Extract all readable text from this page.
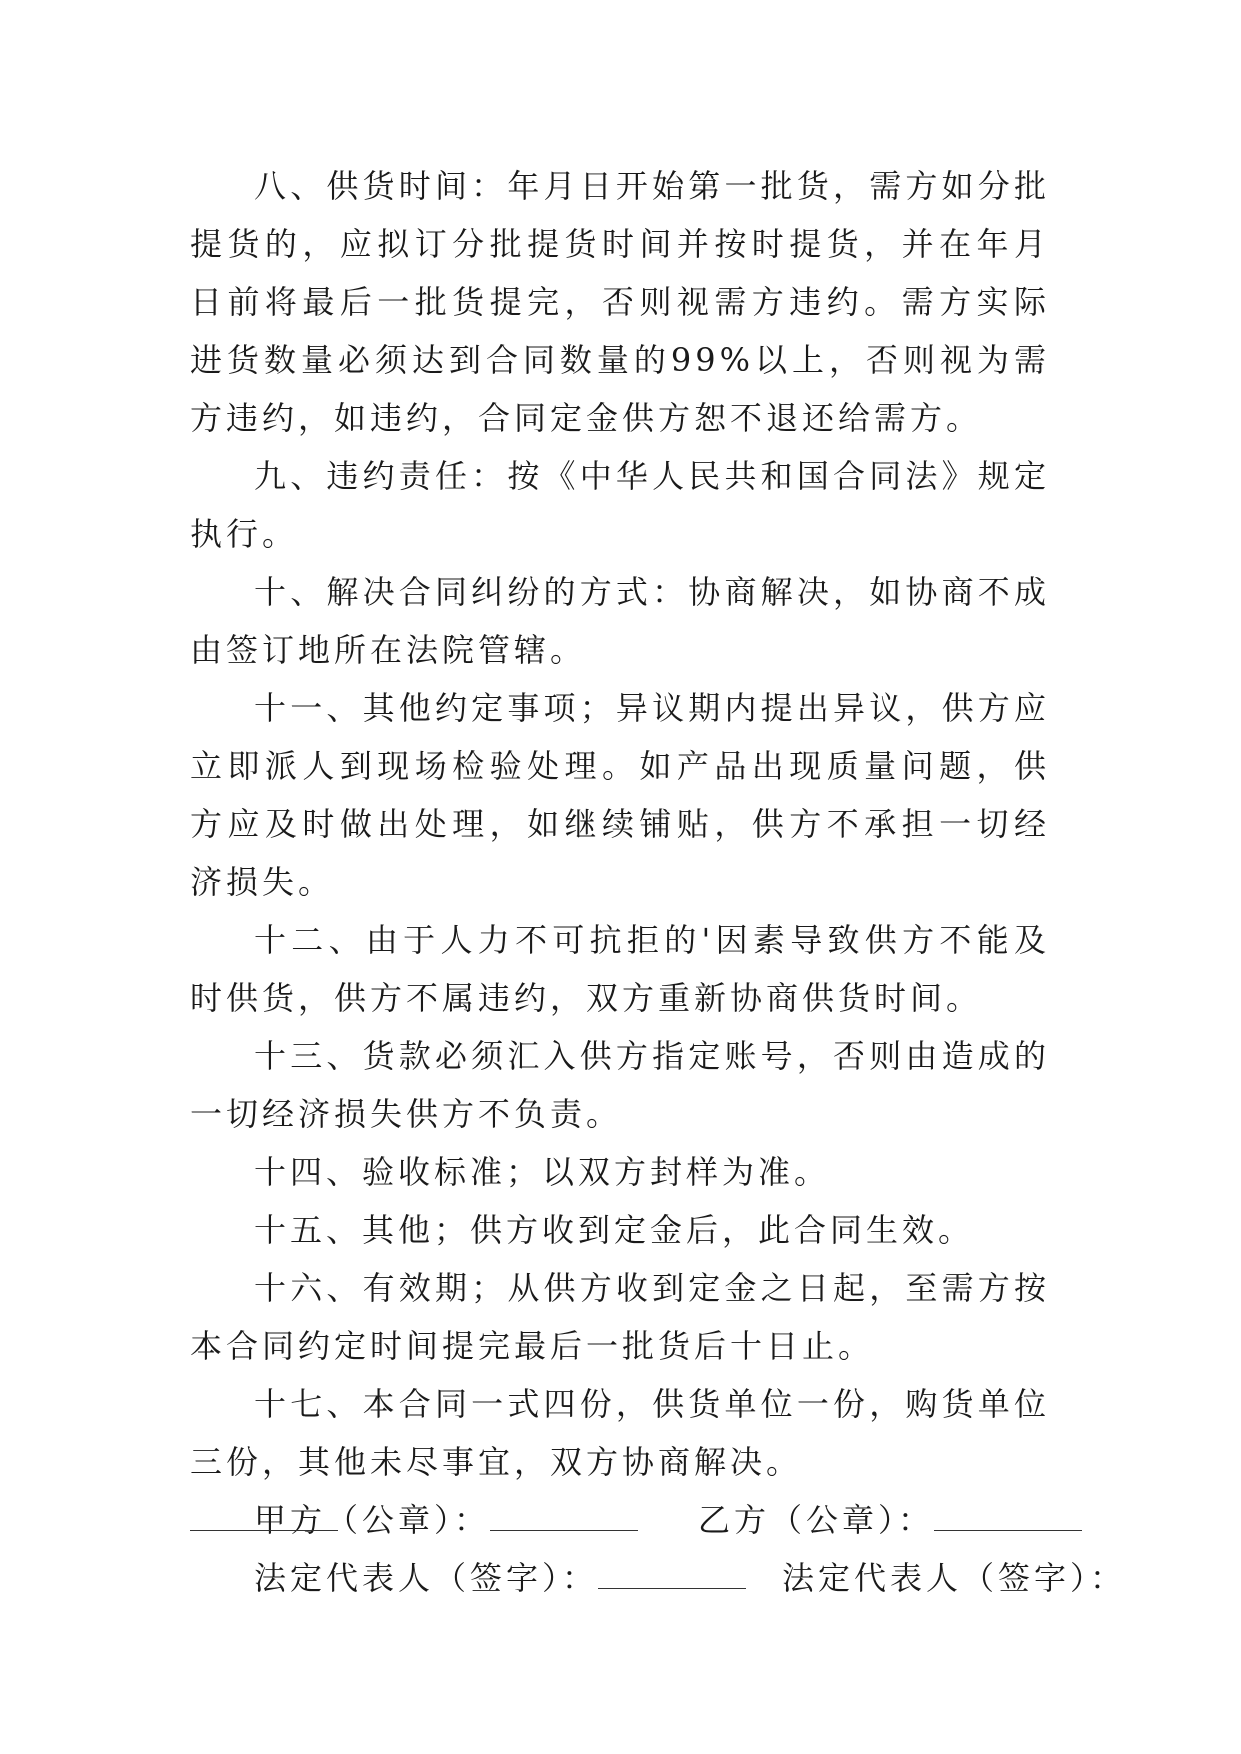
八、供货时间：年月日开始第一批货，需方如分批提货的，应拟订分批提货时间并按时提货，并在年月日前将最后一批货提完，否则视需方违约。需方实际进货数量必须达到合同数量的99%以上，否则视为需方违约，如违约，合同定金供方恕不退还给需方。

九、违约责任：按《中华人民共和国合同法》规定执行。

十、解决合同纠纷的方式：协商解决，如协商不成由签订地所在法院管辖。

十一、其他约定事项；异议期内提出异议，供方应立即派人到现场检验处理。如产品出现质量问题，供方应及时做出处理，如继续铺贴，供方不承担一切经济损失。

十二、由于人力不可抗拒的'因素导致供方不能及时供货，供方不属违约，双方重新协商供货时间。

十三、货款必须汇入供方指定账号，否则由造成的一切经济损失供方不负责。

十四、验收标准；以双方封样为准。

十五、其他；供方收到定金后，此合同生效。

十六、有效期；从供方收到定金之日起，至需方按本合同约定时间提完最后一批货后十日止。

十七、本合同一式四份，供货单位一份，购货单位三份，其他未尽事宜，双方协商解决。

甲方（公章）：	乙方（公章）：

法定代表人（签字）：	法定代表人（签字）：
